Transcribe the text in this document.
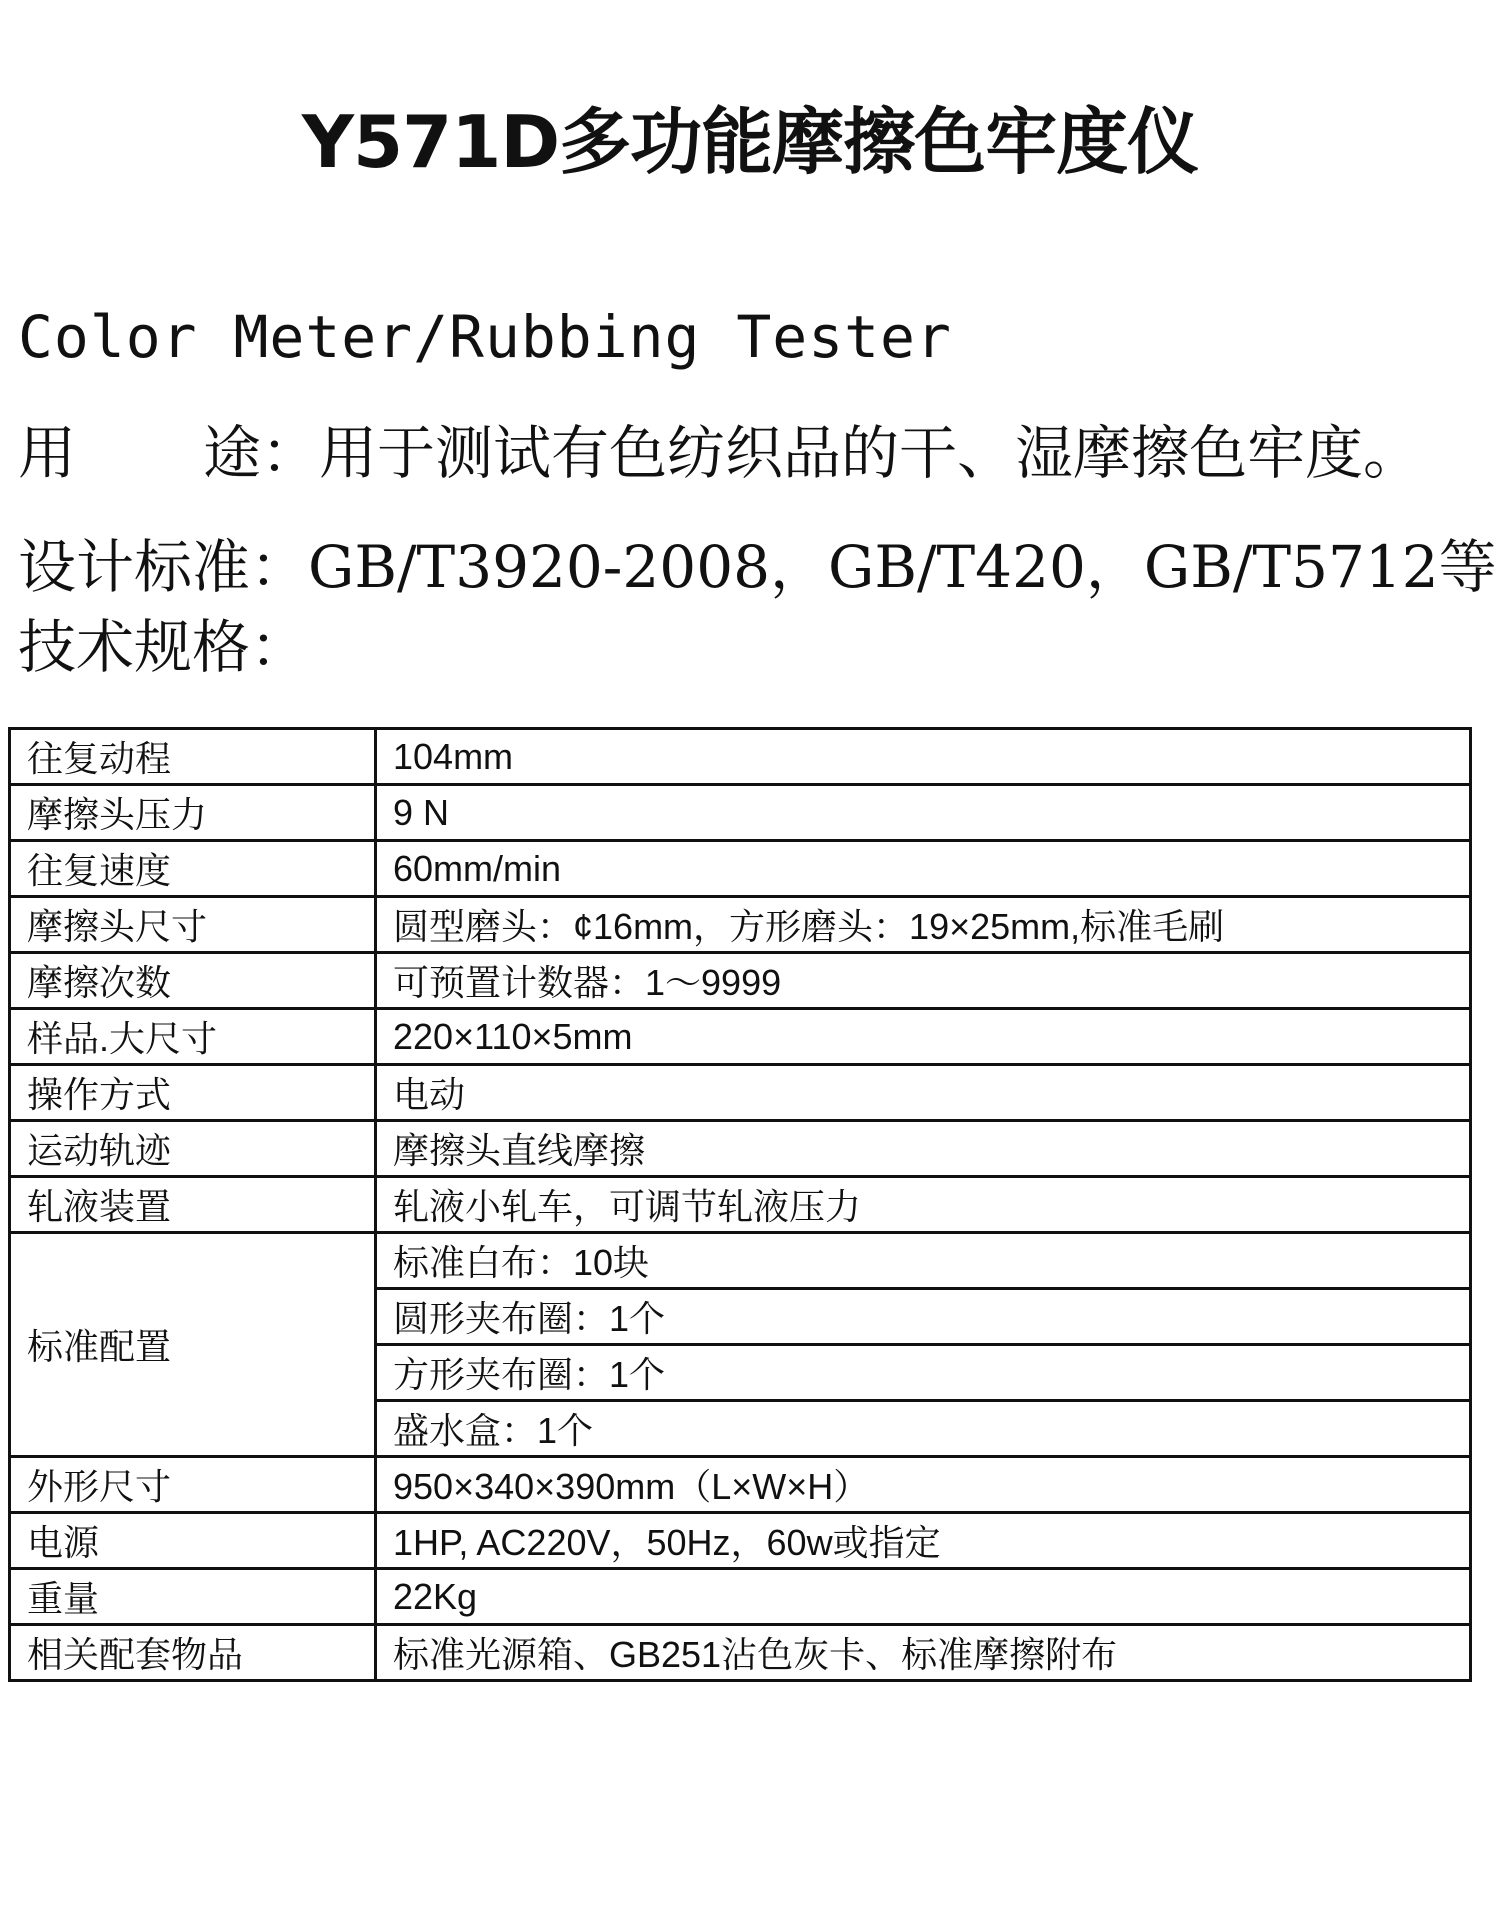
Y571D多功能摩擦色牢度仪
Color Meter/Rubbing Tester
用 途：用于测试有色纺织品的干、湿摩擦色牢度。
设计标准：GB/T3920-2008，GB/T420，GB/T5712等
技术规格：
往复动程	104mm
摩擦头压力	9 N
往复速度	60mm/min
摩擦头尺寸	圆型磨头：¢16mm，方形磨头：19×25mm,标准毛刷
摩擦次数	可预置计数器：1～9999
样品.大尺寸	220×110×5mm
操作方式	电动
运动轨迹	摩擦头直线摩擦
轧液装置	轧液小轧车，可调节轧液压力
标准配置	标准白布：10块
	圆形夹布圈：1个
	方形夹布圈：1个
	盛水盒：1个
外形尺寸	950×340×390mm（L×W×H）
电源	1HP, AC220V，50Hz，60w或指定
重量	22Kg
相关配套物品	标准光源箱、GB251沾色灰卡、标准摩擦附布
